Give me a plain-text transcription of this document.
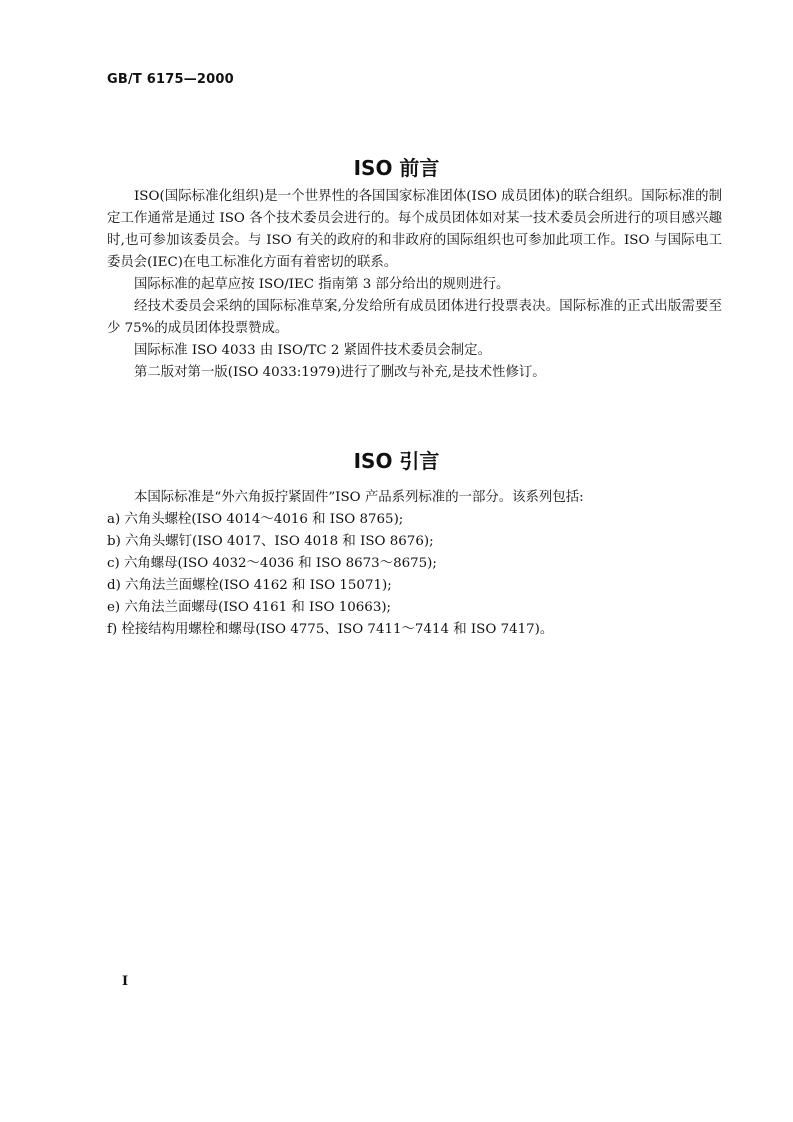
GB/T 6175—2000
ISO 前言

ISO(国际标准化组织)是一个世界性的各国国家标准团体(ISO 成员团体)的联合组织。国际标准的制定工作通常是通过 ISO 各个技术委员会进行的。每个成员团体如对某一技术委员会所进行的项目感兴趣时,也可参加该委员会。与 ISO 有关的政府的和非政府的国际组织也可参加此项工作。ISO 与国际电工委员会(IEC)在电工标准化方面有着密切的联系。

国际标准的起草应按 ISO/IEC 指南第 3 部分给出的规则进行。

经技术委员会采纳的国际标准草案,分发给所有成员团体进行投票表决。国际标准的正式出版需要至少 75%的成员团体投票赞成。

国际标准 ISO 4033 由 ISO/TC 2 紧固件技术委员会制定。

第二版对第一版(ISO 4033:1979)进行了删改与补充,是技术性修订。

ISO 引言

本国际标准是“外六角扳拧紧固件”ISO 产品系列标准的一部分。该系列包括:

a) 六角头螺栓(ISO 4014～4016 和 ISO 8765);

b) 六角头螺钉(ISO 4017、ISO 4018 和 ISO 8676);

c) 六角螺母(ISO 4032～4036 和 ISO 8673～8675);

d) 六角法兰面螺栓(ISO 4162 和 ISO 15071);

e) 六角法兰面螺母(ISO 4161 和 ISO 10663);

f) 栓接结构用螺栓和螺母(ISO 4775、ISO 7411～7414 和 ISO 7417)。

I
